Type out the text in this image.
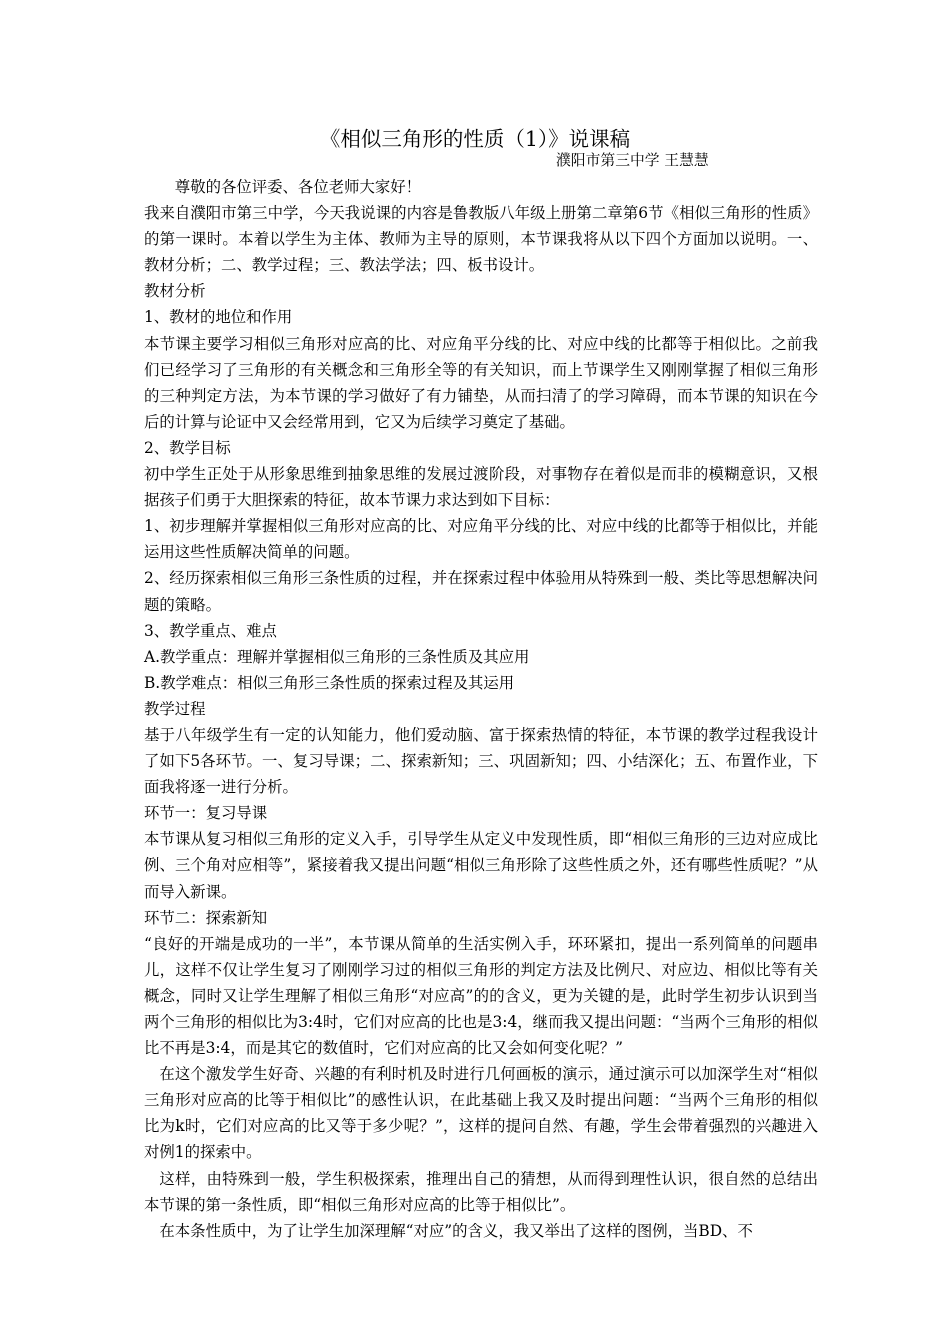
《相似三角形的性质（1）》说课稿
濮阳市第三中学 王慧慧

尊敬的各位评委、各位老师大家好！

我来自濮阳市第三中学，今天我说课的内容是鲁教版八年级上册第二章第6节《相似三角形的性质》的第一课时。本着以学生为主体、教师为主导的原则，本节课我将从以下四个方面加以说明。一、教材分析；二、教学过程；三、教法学法；四、板书设计。

教材分析

1、教材的地位和作用

本节课主要学习相似三角形对应高的比、对应角平分线的比、对应中线的比都等于相似比。之前我们已经学习了三角形的有关概念和三角形全等的有关知识，而上节课学生又刚刚掌握了相似三角形的三种判定方法，为本节课的学习做好了有力铺垫，从而扫清了的学习障碍，而本节课的知识在今后的计算与论证中又会经常用到，它又为后续学习奠定了基础。

2、教学目标

初中学生正处于从形象思维到抽象思维的发展过渡阶段，对事物存在着似是而非的模糊意识，又根据孩子们勇于大胆探索的特征，故本节课力求达到如下目标：

1、初步理解并掌握相似三角形对应高的比、对应角平分线的比、对应中线的比都等于相似比，并能运用这些性质解决简单的问题。

2、经历探索相似三角形三条性质的过程，并在探索过程中体验用从特殊到一般、类比等思想解决问题的策略。

3、教学重点、难点

A.教学重点：理解并掌握相似三角形的三条性质及其应用

B.教学难点：相似三角形三条性质的探索过程及其运用

教学过程

基于八年级学生有一定的认知能力，他们爱动脑、富于探索热情的特征，本节课的教学过程我设计了如下5各环节。一、复习导课；二、探索新知；三、巩固新知；四、小结深化；五、布置作业，下面我将逐一进行分析。

环节一：复习导课

本节课从复习相似三角形的定义入手，引导学生从定义中发现性质，即“相似三角形的三边对应成比例、三个角对应相等”，紧接着我又提出问题“相似三角形除了这些性质之外，还有哪些性质呢？”从而导入新课。

环节二：探索新知

“良好的开端是成功的一半”，本节课从简单的生活实例入手，环环紧扣，提出一系列简单的问题串儿，这样不仅让学生复习了刚刚学习过的相似三角形的判定方法及比例尺、对应边、相似比等有关概念，同时又让学生理解了相似三角形“对应高”的的含义，更为关键的是，此时学生初步认识到当两个三角形的相似比为3:4时，它们对应高的比也是3:4，继而我又提出问题：“当两个三角形的相似比不再是3:4，而是其它的数值时，它们对应高的比又会如何变化呢？”

在这个激发学生好奇、兴趣的有利时机及时进行几何画板的演示，通过演示可以加深学生对“相似三角形对应高的比等于相似比”的感性认识，在此基础上我又及时提出问题：“当两个三角形的相似比为k时，它们对应高的比又等于多少呢？”，这样的提问自然、有趣，学生会带着强烈的兴趣进入对例1的探索中。

这样，由特殊到一般，学生积极探索，推理出自己的猜想，从而得到理性认识，很自然的总结出本节课的第一条性质，即“相似三角形对应高的比等于相似比”。

在本条性质中，为了让学生加深理解“对应”的含义，我又举出了这样的图例，当BD、不
